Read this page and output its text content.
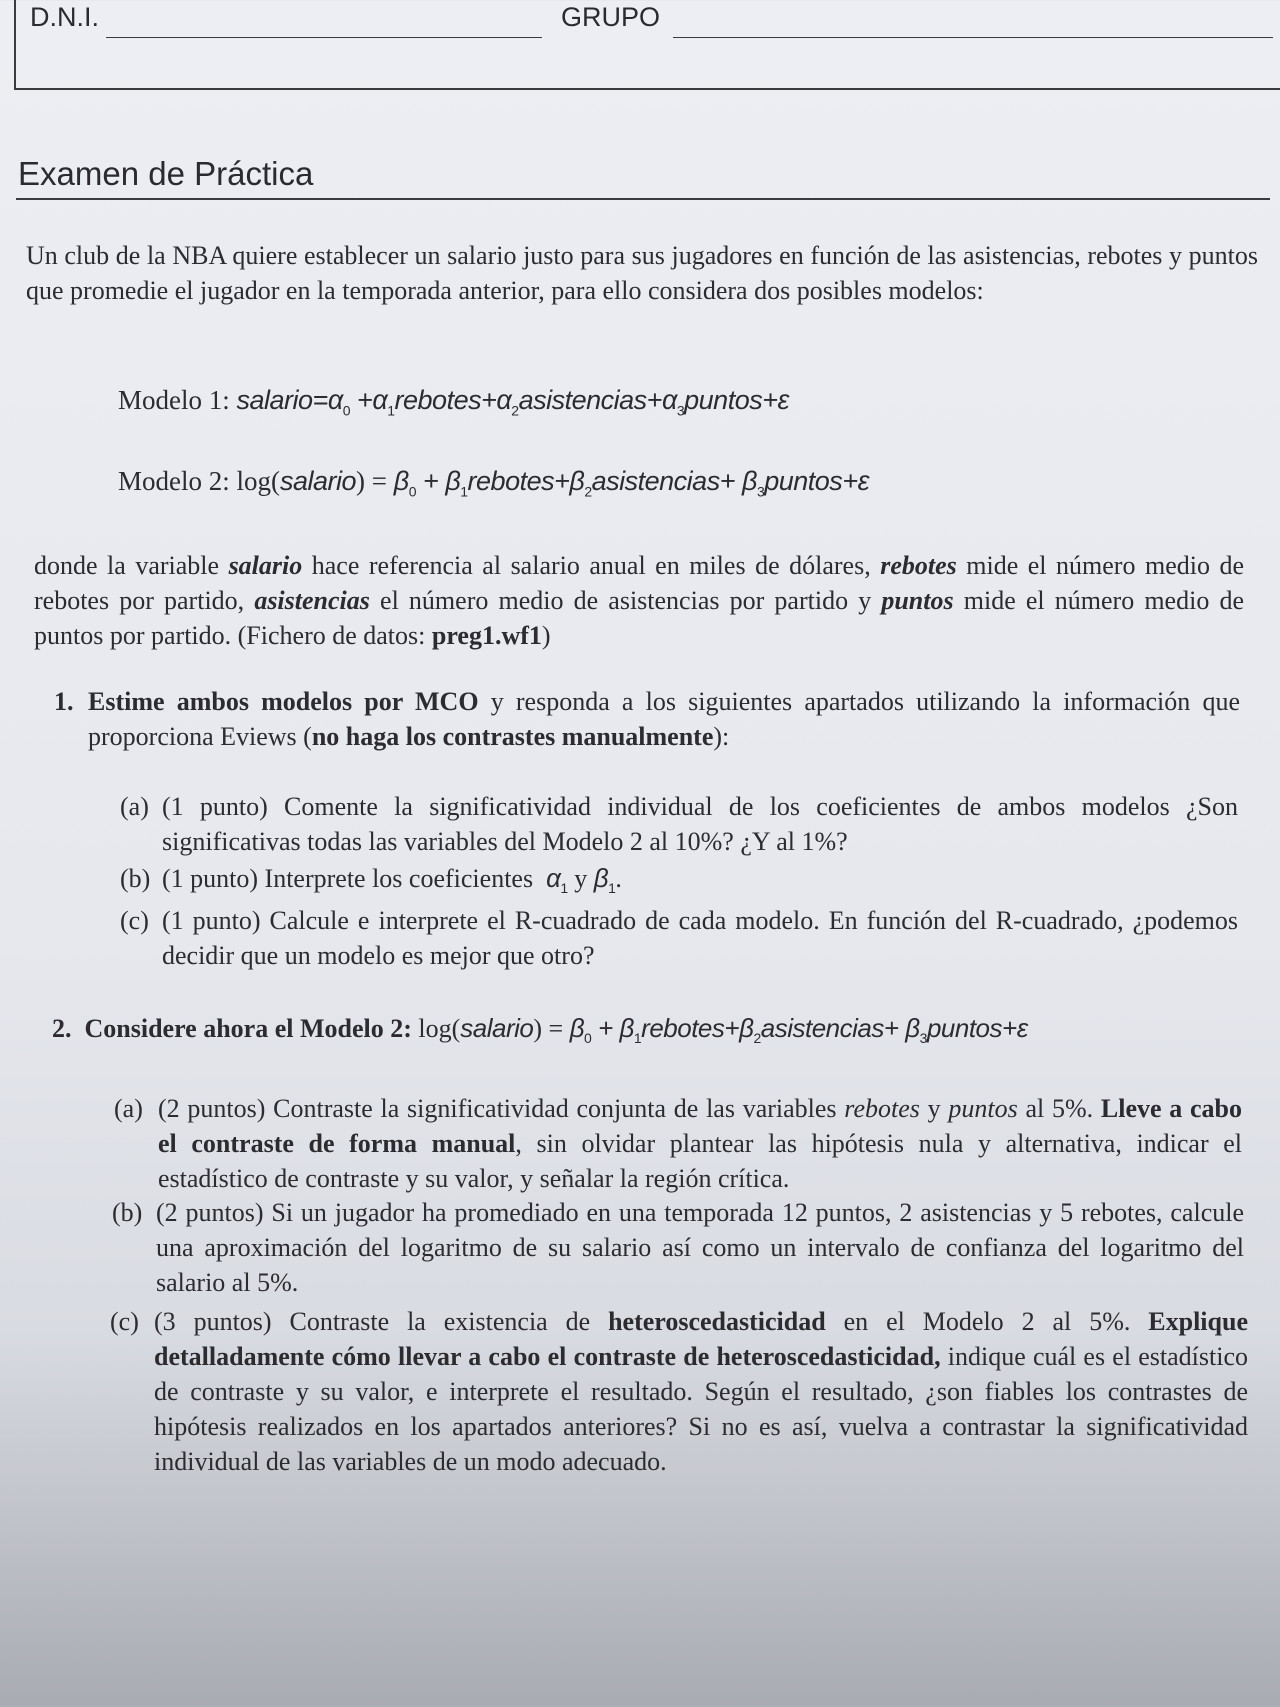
D.N.I.	GRUPO
Examen de Práctica
Un club de la NBA quiere establecer un salario justo para sus jugadores en función de las asistencias, rebotes y puntos que promedie el jugador en la temporada anterior, para ello considera dos posibles modelos:
Modelo 1: $salario=\alpha_0$ $+\alpha_1rebotes+\alpha_2asistencias+\alpha_3puntos+\varepsilon$
Modelo 2: log(salario) = $\beta_0$ + $\beta_1rebotes+\beta_2asistencias+$ $\beta_3puntos+\varepsilon$
donde la variable salario hace referencia al salario anual en miles de dólares, rebotes mide el número medio de rebotes por partido, asistencias el número medio de asistencias por partido y puntos mide el número medio de puntos por partido. (Fichero de datos: preg1.wf1)
1. Estime ambos modelos por MCO y responda a los siguientes apartados utilizando la información que proporciona Eviews (no haga los contrastes manualmente):
(a) (1 punto) Comente la significatividad individual de los coeficientes de ambos modelos ¿Son significativas todas las variables del Modelo 2 al 10%? ¿Y al 1%?
(b) (1 punto) Interprete los coeficientes $\alpha_1$ y $\beta_1$.
(c) (1 punto) Calcule e interprete el R-cuadrado de cada modelo. En función del R-cuadrado, ¿podemos decidir que un modelo es mejor que otro?
2. Considere ahora el Modelo 2: log(salario) = $\beta_0$ + $\beta_1rebotes+\beta_2asistencias+$ $\beta_3puntos+\varepsilon$
(a) (2 puntos) Contraste la significatividad conjunta de las variables rebotes y puntos al 5%. Lleve a cabo el contraste de forma manual, sin olvidar plantear las hipótesis nula y alternativa, indicar el estadístico de contraste y su valor, y señalar la región crítica.
(b) (2 puntos) Si un jugador ha promediado en una temporada 12 puntos, 2 asistencias y 5 rebotes, calcule una aproximación del logaritmo de su salario así como un intervalo de confianza del logaritmo del salario al 5%.
(c) (3 puntos) Contraste la existencia de heteroscedasticidad en el Modelo 2 al 5%. Explique detalladamente cómo llevar a cabo el contraste de heteroscedasticidad, indique cuál es el estadístico de contraste y su valor, e interprete el resultado. Según el resultado, ¿son fiables los contrastes de hipótesis realizados en los apartados anteriores? Si no es así, vuelva a contrastar la significatividad individual de las variables de un modo adecuado.
